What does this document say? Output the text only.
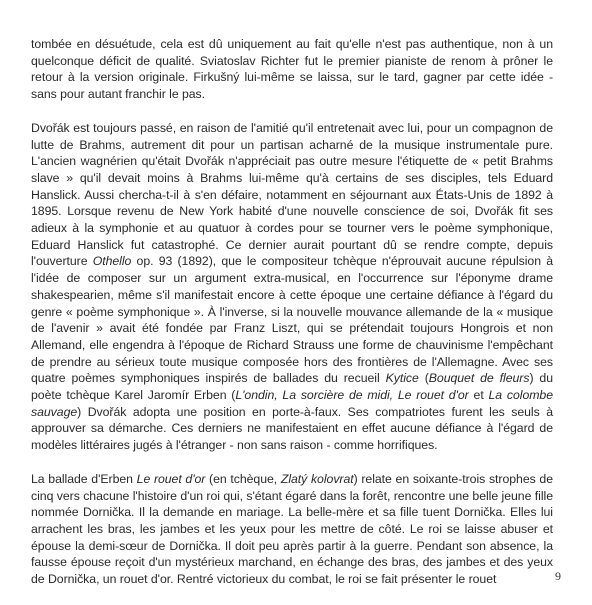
tombée en désuétude, cela est dû uniquement au fait qu'elle n'est pas authentique, non à un quelconque déficit de qualité. Sviatoslav Richter fut le premier pianiste de renom à prôner le retour à la version originale. Firkušný lui-même se laissa, sur le tard, gagner par cette idée - sans pour autant franchir le pas.

Dvořák est toujours passé, en raison de l'amitié qu'il entretenait avec lui, pour un compagnon de lutte de Brahms, autrement dit pour un partisan acharné de la musique instrumentale pure. L'ancien wagnérien qu'était Dvořák n'appréciait pas outre mesure l'étiquette de « petit Brahms slave » qu'il devait moins à Brahms lui-même qu'à certains de ses disciples, tels Eduard Hanslick. Aussi chercha-t-il à s'en défaire, notamment en séjournant aux États-Unis de 1892 à 1895. Lorsque revenu de New York habité d'une nouvelle conscience de soi, Dvořák fit ses adieux à la symphonie et au quatuor à cordes pour se tourner vers le poème symphonique, Eduard Hanslick fut catastrophé. Ce dernier aurait pourtant dû se rendre compte, depuis l'ouverture Othello op. 93 (1892), que le compositeur tchèque n'éprouvait aucune répulsion à l'idée de composer sur un argument extra-musical, en l'occurrence sur l'éponyme drame shakespearien, même s'il manifestait encore à cette époque une certaine défiance à l'égard du genre « poème symphonique ». À l'inverse, si la nouvelle mouvance allemande de la « musique de l'avenir » avait été fondée par Franz Liszt, qui se prétendait toujours Hongrois et non Allemand, elle engendra à l'époque de Richard Strauss une forme de chauvinisme l'empêchant de prendre au sérieux toute musique composée hors des frontières de l'Allemagne. Avec ses quatre poèmes symphoniques inspirés de ballades du recueil Kytice (Bouquet de fleurs) du poète tchèque Karel Jaromír Erben (L'ondin, La sorcière de midi, Le rouet d'or et La colombe sauvage) Dvořák adopta une position en porte-à-faux. Ses compatriotes furent les seuls à approuver sa démarche. Ces derniers ne manifestaient en effet aucune défiance à l'égard de modèles littéraires jugés à l'étranger - non sans raison - comme horrifiques.

La ballade d'Erben Le rouet d'or (en tchèque, Zlatý kolovrat) relate en soixante-trois strophes de cinq vers chacune l'histoire d'un roi qui, s'étant égaré dans la forêt, rencontre une belle jeune fille nommée Dornička. Il la demande en mariage. La belle-mère et sa fille tuent Dornička. Elles lui arrachent les bras, les jambes et les yeux pour les mettre de côté. Le roi se laisse abuser et épouse la demi-sœur de Dornička. Il doit peu après partir à la guerre. Pendant son absence, la fausse épouse reçoit d'un mystérieux marchand, en échange des bras, des jambes et des yeux de Dornička, un rouet d'or. Rentré victorieux du combat, le roi se fait présenter le rouet	9
